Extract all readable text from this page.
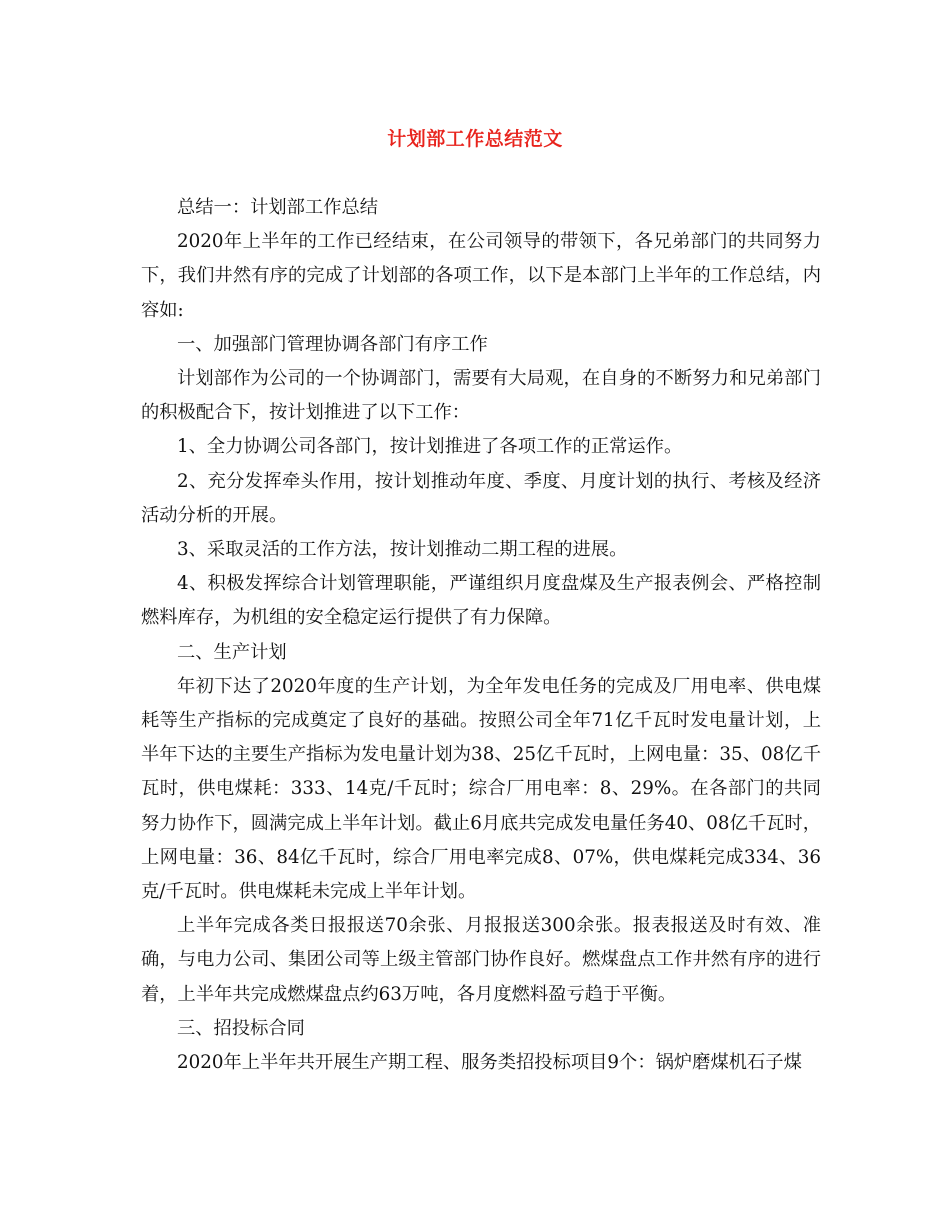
计划部工作总结范文

总结一：计划部工作总结

2020年上半年的工作已经结束，在公司领导的带领下，各兄弟部门的共同努力下，我们井然有序的完成了计划部的各项工作，以下是本部门上半年的工作总结，内容如:

一、加强部门管理协调各部门有序工作

计划部作为公司的一个协调部门，需要有大局观，在自身的不断努力和兄弟部门的积极配合下，按计划推进了以下工作：

1、全力协调公司各部门，按计划推进了各项工作的正常运作。

2、充分发挥牵头作用，按计划推动年度、季度、月度计划的执行、考核及经济活动分析的开展。

3、采取灵活的工作方法，按计划推动二期工程的进展。

4、积极发挥综合计划管理职能，严谨组织月度盘煤及生产报表例会、严格控制燃料库存，为机组的安全稳定运行提供了有力保障。

二、生产计划

年初下达了2020年度的生产计划，为全年发电任务的完成及厂用电率、供电煤耗等生产指标的完成奠定了良好的基础。按照公司全年71亿千瓦时发电量计划，上半年下达的主要生产指标为发电量计划为38、25亿千瓦时，上网电量：35、08亿千瓦时，供电煤耗：333、14克/千瓦时；综合厂用电率：8、29%。在各部门的共同努力协作下，圆满完成上半年计划。截止6月底共完成发电量任务40、08亿千瓦时，上网电量：36、84亿千瓦时，综合厂用电率完成8、07%，供电煤耗完成334、36克/千瓦时。供电煤耗未完成上半年计划。

上半年完成各类日报报送70余张、月报报送300余张。报表报送及时有效、准确，与电力公司、集团公司等上级主管部门协作良好。燃煤盘点工作井然有序的进行着，上半年共完成燃煤盘点约63万吨，各月度燃料盈亏趋于平衡。

三、招投标合同

2020年上半年共开展生产期工程、服务类招投标项目9个：锅炉磨煤机石子煤
